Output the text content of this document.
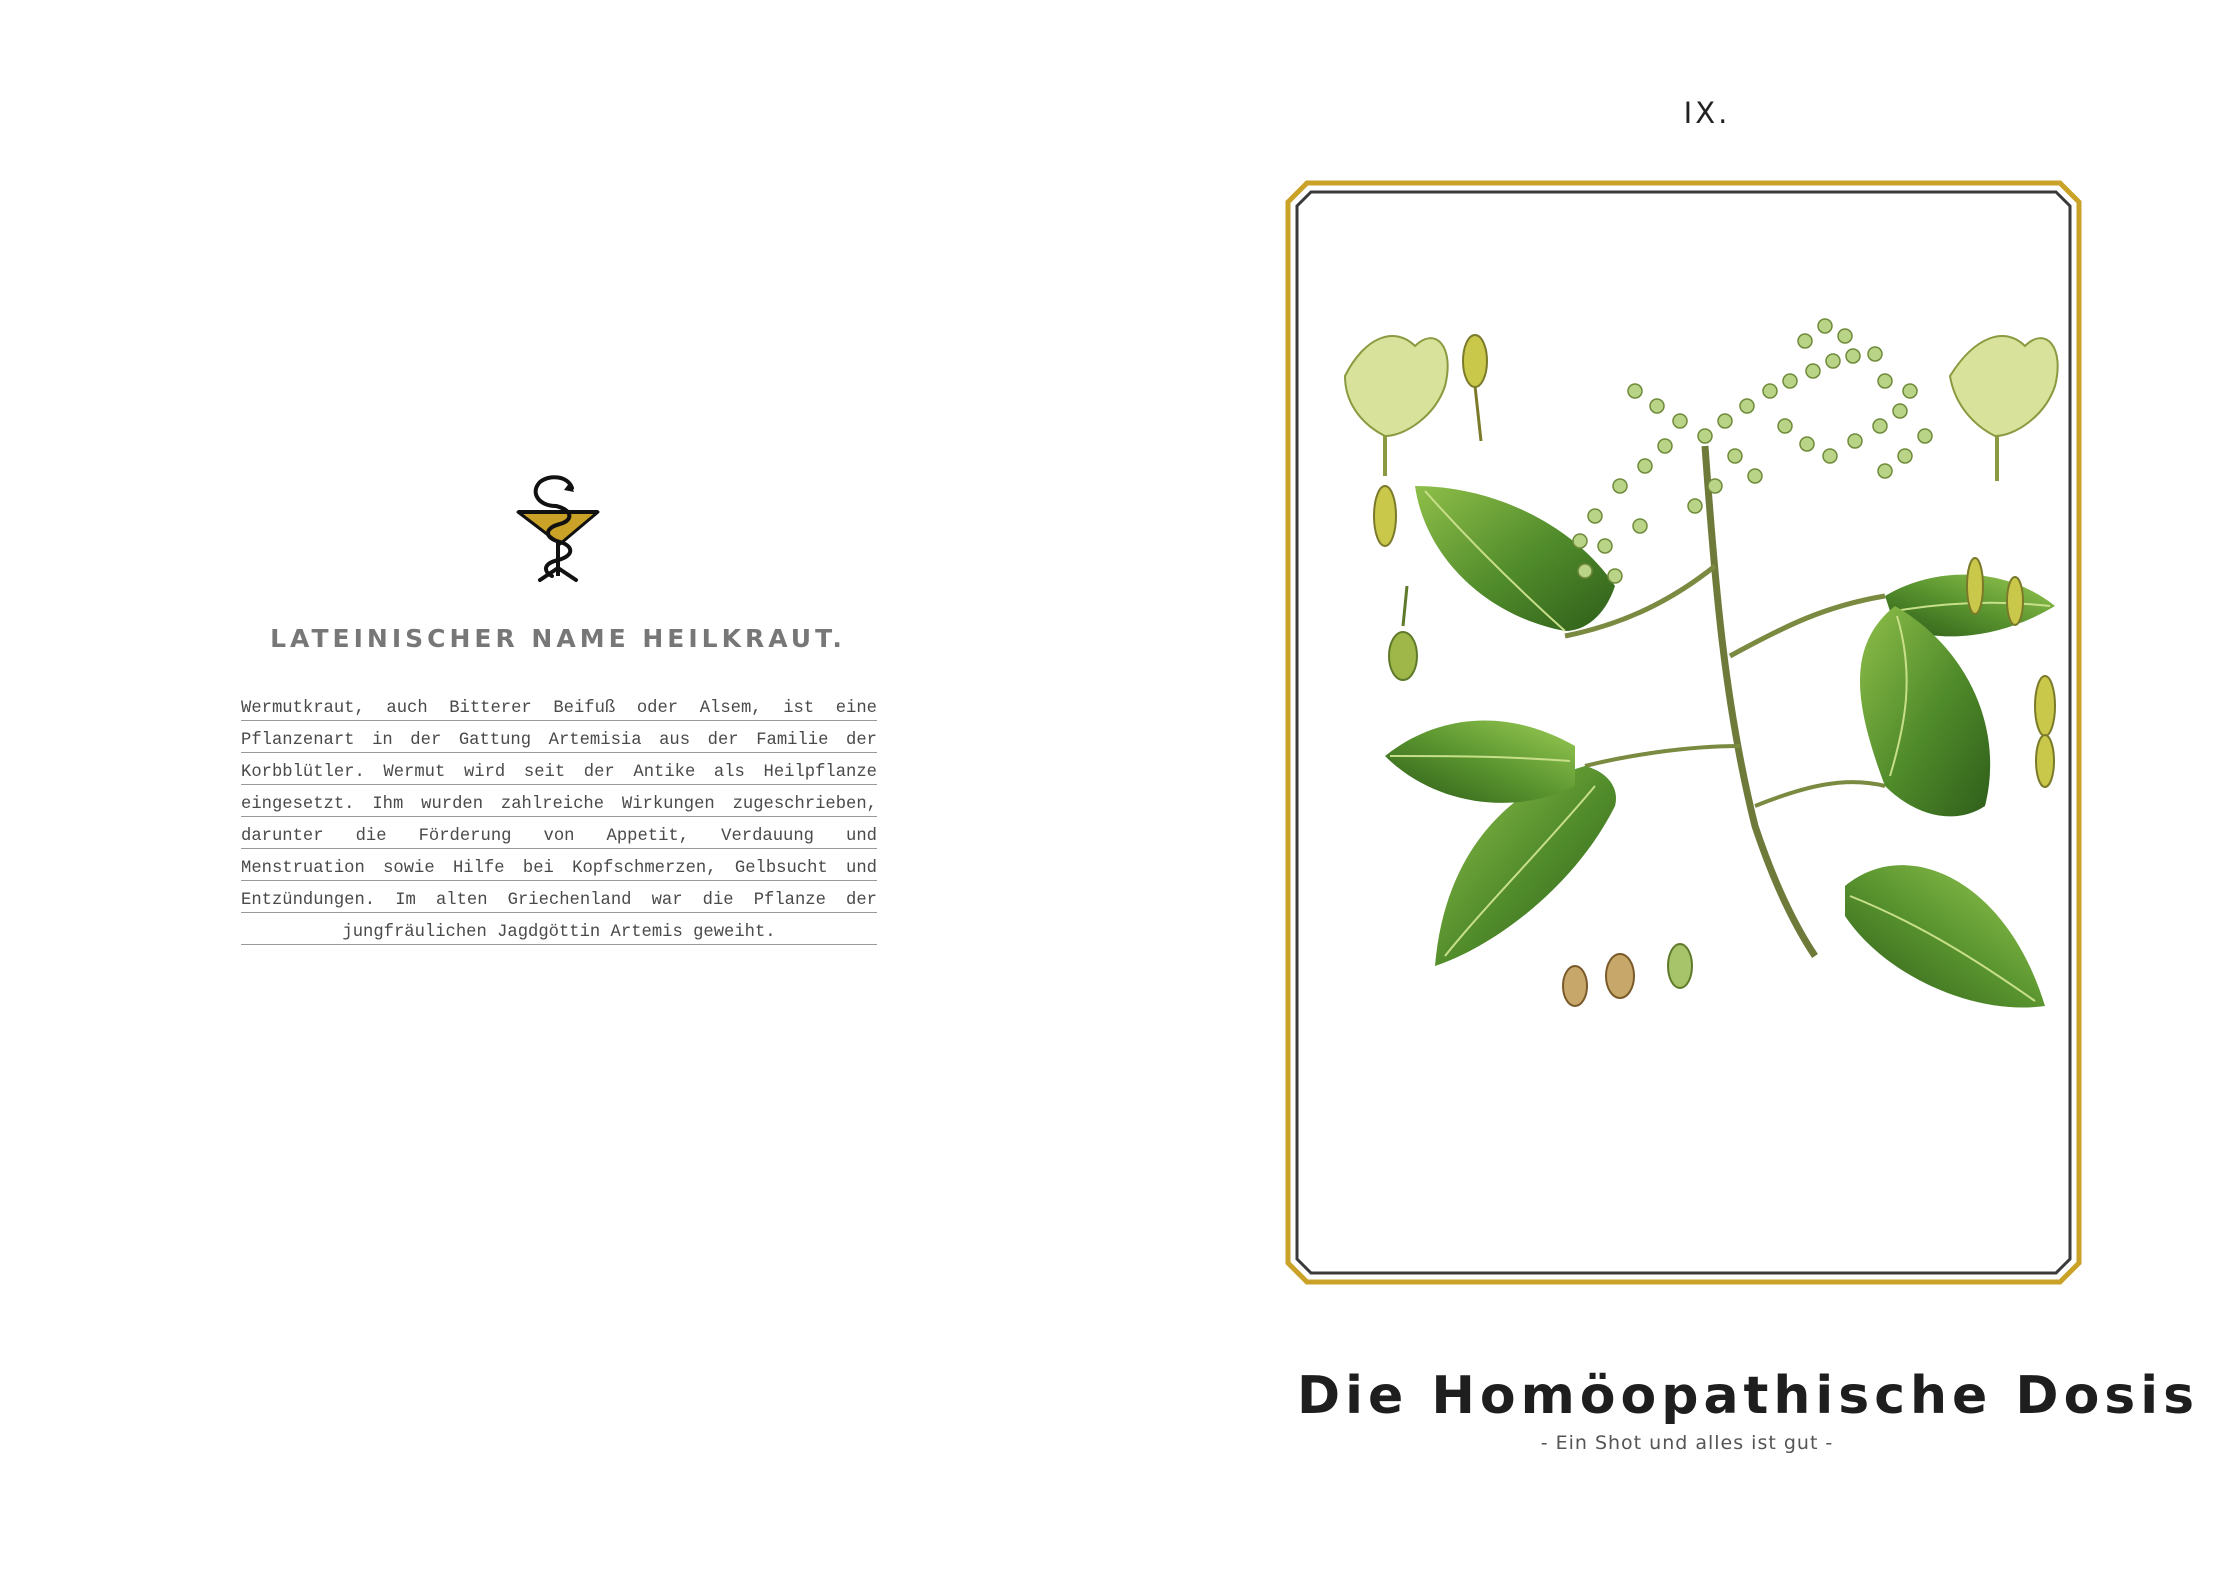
LATEINISCHER NAME HEILKRAUT.
Wermutkraut, auch Bitterer Beifuß oder Alsem, ist eine Pflanzenart in der Gattung Artemisia aus der Familie der Korbblütler. Wermut wird seit der Antike als Heilpflanze eingesetzt. Ihm wurden zahlreiche Wirkungen zugeschrieben, darunter die Förderung von Appetit, Verdauung und Menstruation sowie Hilfe bei Kopfschmerzen, Gelbsucht und Entzündungen. Im alten Griechenland war die Pflanze der jungfräulichen Jagdgöttin Artemis geweiht.
IX.
Die Homöopathische Dosis
- Ein Shot und alles ist gut -
